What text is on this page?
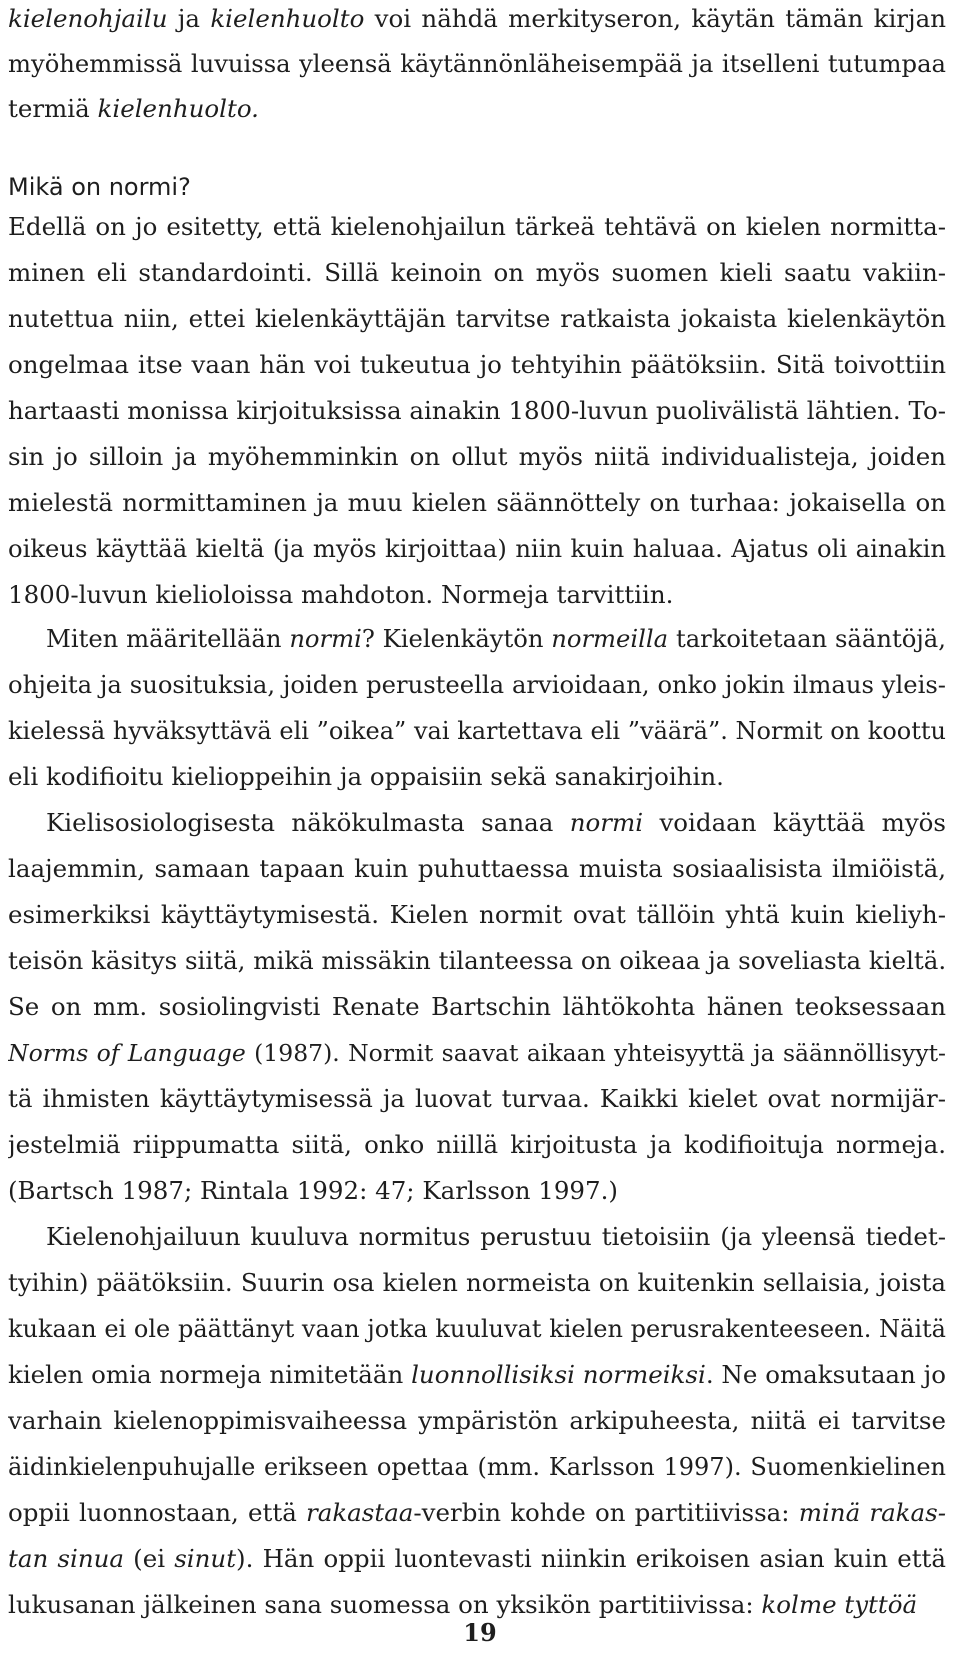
Mikä on normi?
kielenohjailu ja kielenhuolto voi nähdä merkityseron, käytän tämän kirjan
myöhemmissä luvuissa yleensä käytännönläheisempää ja itselleni tutumpaa
termiä kielenhuolto.
Edellä on jo esitetty, että kielenohjailun tärkeä tehtävä on kielen normitta-
minen eli standardointi. Sillä keinoin on myös suomen kieli saatu vakiin-
nutettua niin, ettei kielenkäyttäjän tarvitse ratkaista jokaista kielenkäytön
ongelmaa itse vaan hän voi tukeutua jo tehtyihin päätöksiin. Sitä toivottiin
hartaasti monissa kirjoituksissa ainakin 1800-luvun puolivälistä lähtien. To-
sin jo silloin ja myöhemminkin on ollut myös niitä individualisteja, joiden
mielestä normittaminen ja muu kielen säännöttely on turhaa: jokaisella on
oikeus käyttää kieltä (ja myös kirjoittaa) niin kuin haluaa. Ajatus oli ainakin
1800-luvun kielioloissa mahdoton. Normeja tarvittiin.
Miten määritellään normi? Kielenkäytön normeilla tarkoitetaan sääntöjä,
ohjeita ja suosituksia, joiden perusteella arvioidaan, onko jokin ilmaus yleis-
kielessä hyväksyttävä eli ”oikea” vai kartettava eli ”väärä”. Normit on koottu
eli kodifioitu kielioppeihin ja oppaisiin sekä sanakirjoihin.
Kielisosiologisesta näkökulmasta sanaa normi voidaan käyttää myös
laajemmin, samaan tapaan kuin puhuttaessa muista sosiaalisista ilmiöistä,
esimerkiksi käyttäytymisestä. Kielen normit ovat tällöin yhtä kuin kieliyh-
teisön käsitys siitä, mikä missäkin tilanteessa on oikeaa ja soveliasta kieltä.
Se on mm. sosiolingvisti Renate Bartschin lähtökohta hänen teoksessaan
Norms of Language (1987). Normit saavat aikaan yhteisyyttä ja säännöllisyyt-
tä ihmisten käyttäytymisessä ja luovat turvaa. Kaikki kielet ovat normijär-
jestelmiä riippumatta siitä, onko niillä kirjoitusta ja kodifioituja normeja.
(Bartsch 1987; Rintala 1992: 47; Karlsson 1997.)
Kielenohjailuun kuuluva normitus perustuu tietoisiin (ja yleensä tiedet-
tyihin) päätöksiin. Suurin osa kielen normeista on kuitenkin sellaisia, joista
kukaan ei ole päättänyt vaan jotka kuuluvat kielen perusrakenteeseen. Näitä
kielen omia normeja nimitetään luonnollisiksi normeiksi. Ne omaksutaan jo
varhain kielenoppimisvaiheessa ympäristön arkipuheesta, niitä ei tarvitse
äidinkielenpuhujalle erikseen opettaa (mm. Karlsson 1997). Suomenkielinen
oppii luonnostaan, että rakastaa-verbin kohde on partitiivissa: minä rakas-
tan sinua (ei sinut). Hän oppii luontevasti niinkin erikoisen asian kuin että
lukusanan jälkeinen sana suomessa on yksikön partitiivissa: kolme tyttöä
19
